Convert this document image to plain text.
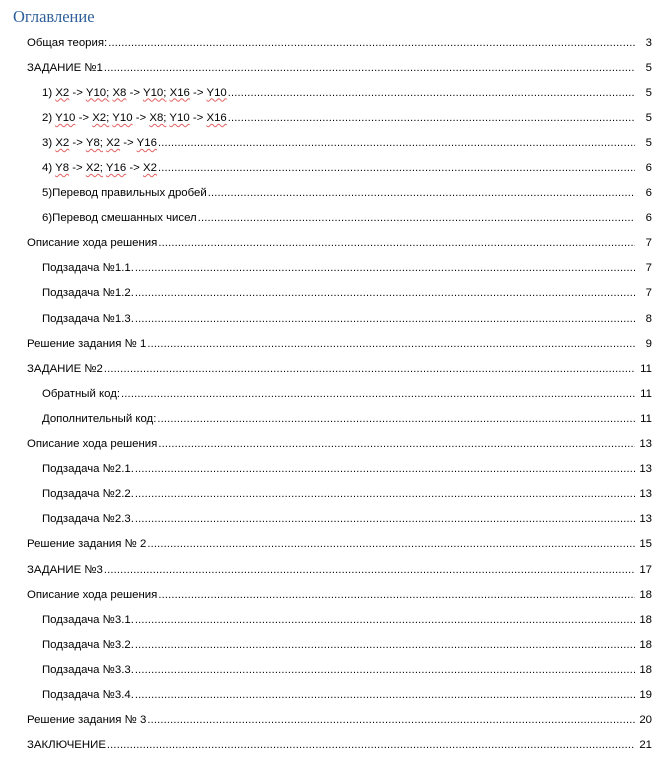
Оглавление
Общая теория: .....	3
ЗАДАНИЕ №1 .....	5
1) X2 -> Y10; X8 -> Y10; X16 -> Y10 .....	5
2) Y10 -> X2; Y10 -> X8; Y10 -> X16 .....	5
3) X2 -> Y8; X2 -> Y16 .....	5
4) Y8 -> X2; Y16 -> X2 .....	6
5)Перевод правильных дробей .....	6
6)Перевод смешанных чисел .....	6
Описание хода решения .....	7
Подзадача №1.1. .....	7
Подзадача №1.2. .....	7
Подзадача №1.3. .....	8
Решение задания № 1 .....	9
ЗАДАНИЕ №2 .....	11
Обратный код: .....	11
Дополнительный код: .....	11
Описание хода решения .....	13
Подзадача №2.1. .....	13
Подзадача №2.2. .....	13
Подзадача №2.3. .....	13
Решение задания № 2 .....	15
ЗАДАНИЕ №3 .....	17
Описание хода решения .....	18
Подзадача №3.1. .....	18
Подзадача №3.2. .....	18
Подзадача №3.3. .....	18
Подзадача №3.4. .....	19
Решение задания № 3 .....	20
ЗАКЛЮЧЕНИЕ .....	21
